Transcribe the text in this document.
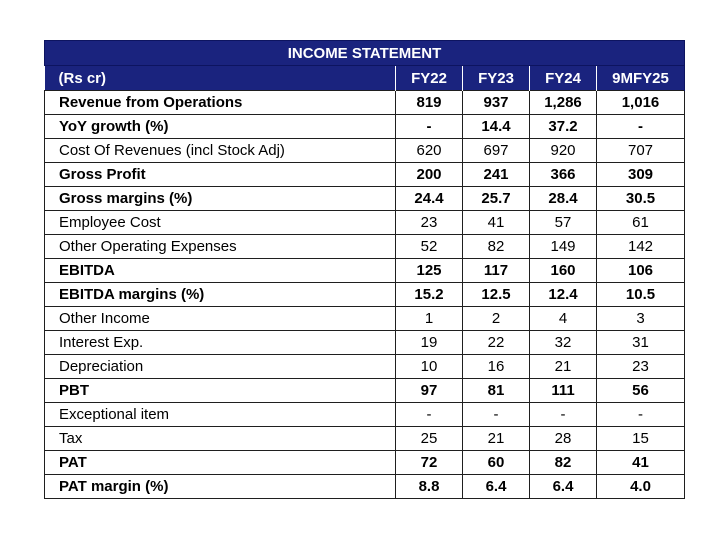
INCOME STATEMENT				
(Rs cr)	FY22	FY23	FY24	9MFY25
Revenue from Operations	819	937	1,286	1,016
YoY growth (%)	-	14.4	37.2	-
Cost Of Revenues (incl Stock Adj)	620	697	920	707
Gross Profit	200	241	366	309
Gross margins (%)	24.4	25.7	28.4	30.5
Employee Cost	23	41	57	61
Other Operating Expenses	52	82	149	142
EBITDA	125	117	160	106
EBITDA margins (%)	15.2	12.5	12.4	10.5
Other Income	1	2	4	3
Interest Exp.	19	22	32	31
Depreciation	10	16	21	23
PBT	97	81	111	56
Exceptional item	-	-	-	-
Tax	25	21	28	15
PAT	72	60	82	41
PAT margin (%)	8.8	6.4	6.4	4.0
